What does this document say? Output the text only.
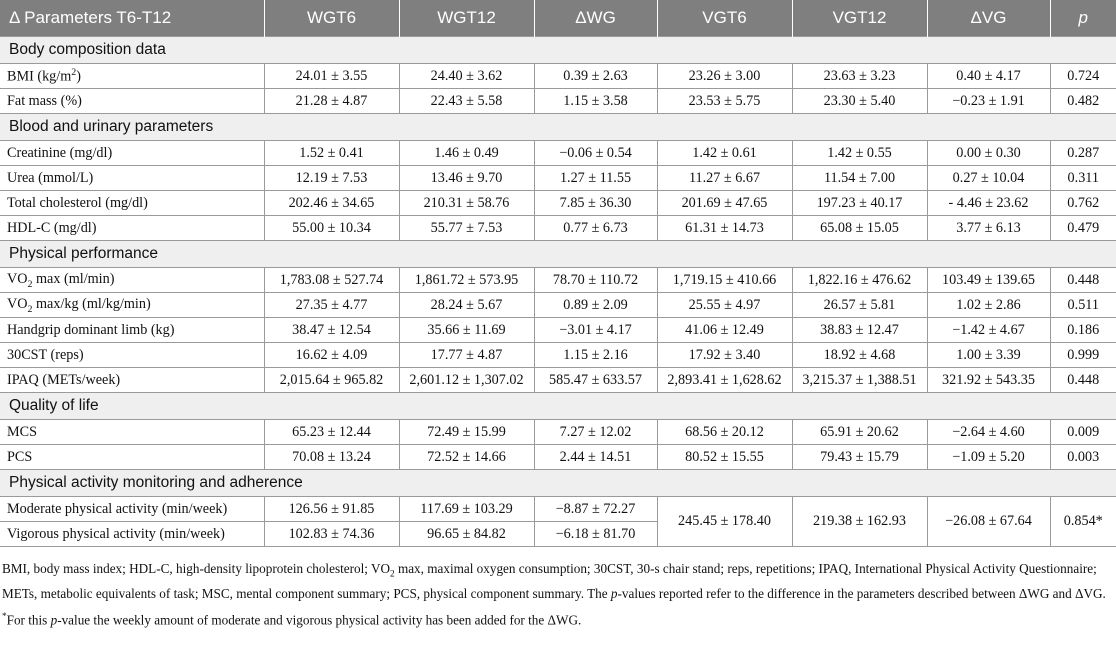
Δ Parameters T6-T12	WGT6	WGT12	ΔWG	VGT6	VGT12	ΔVG	p
Body composition data							
BMI $(kg/m^2)$	24.01 ± 3.55	24.40 ± 3.62	0.39 ± 2.63	23.26 ± 3.00	23.63 ± 3.23	0.40 ± 4.17	0.724
Fat mass (%)	21.28 ± 4.87	22.43 ± 5.58	1.15 ± 3.58	23.53 ± 5.75	23.30 ± 5.40	−0.23 ± 1.91	0.482
Blood and urinary parameters							
Creatinine (mg/dl)	1.52 ± 0.41	1.46 ± 0.49	−0.06 ± 0.54	1.42 ± 0.61	1.42 ± 0.55	0.00 ± 0.30	0.287
Urea (mmol/L)	12.19 ± 7.53	13.46 ± 9.70	1.27 ± 11.55	11.27 ± 6.67	11.54 ± 7.00	0.27 ± 10.04	0.311
Total cholesterol (mg/dl)	202.46 ± 34.65	210.31 ± 58.76	7.85 ± 36.30	201.69 ± 47.65	197.23 ± 40.17	- 4.46 ± 23.62	0.762
HDL-C (mg/dl)	55.00 ± 10.34	55.77 ± 7.53	0.77 ± 6.73	61.31 ± 14.73	65.08 ± 15.05	3.77 ± 6.13	0.479
Physical performance							
$VO_2$ max (ml/min)	1,783.08 ± 527.74	1,861.72 ± 573.95	78.70 ± 110.72	1,719.15 ± 410.66	1,822.16 ± 476.62	103.49 ± 139.65	0.448
$VO_2$ max/kg (ml/kg/min)	27.35 ± 4.77	28.24 ± 5.67	0.89 ± 2.09	25.55 ± 4.97	26.57 ± 5.81	1.02 ± 2.86	0.511
Handgrip dominant limb (kg)	38.47 ± 12.54	35.66 ± 11.69	−3.01 ± 4.17	41.06 ± 12.49	38.83 ± 12.47	−1.42 ± 4.67	0.186
30CST (reps)	16.62 ± 4.09	17.77 ± 4.87	1.15 ± 2.16	17.92 ± 3.40	18.92 ± 4.68	1.00 ± 3.39	0.999
IPAQ (METs/week)	2,015.64 ± 965.82	2,601.12 ± 1,307.02	585.47 ± 633.57	2,893.41 ± 1,628.62	3,215.37 ± 1,388.51	321.92 ± 543.35	0.448
Quality of life							
MCS	65.23 ± 12.44	72.49 ± 15.99	7.27 ± 12.02	68.56 ± 20.12	65.91 ± 20.62	−2.64 ± 4.60	0.009
PCS	70.08 ± 13.24	72.52 ± 14.66	2.44 ± 14.51	80.52 ± 15.55	79.43 ± 15.79	−1.09 ± 5.20	0.003
Physical activity monitoring and adherence							
Moderate physical activity (min/week)	126.56 ± 91.85	117.69 ± 103.29	−8.87 ± 72.27	245.45 ± 178.40	219.38 ± 162.93	−26.08 ± 67.64	0.854*
Vigorous physical activity (min/week)	102.83 ± 74.36	96.65 ± 84.82	−6.18 ± 81.70				
BMI, body mass index; HDL-C, high-density lipoprotein cholesterol; $VO_2$ max, maximal oxygen consumption; 30CST, 30-s chair stand; reps, repetitions; IPAQ, International Physical Activity Questionnaire; METs, metabolic equivalents of task; MSC, mental component summary; PCS, physical component summary. The p-values reported refer to the difference in the parameters described between ΔWG and ΔVG.
*For this p-value the weekly amount of moderate and vigorous physical activity has been added for the ΔWG.
